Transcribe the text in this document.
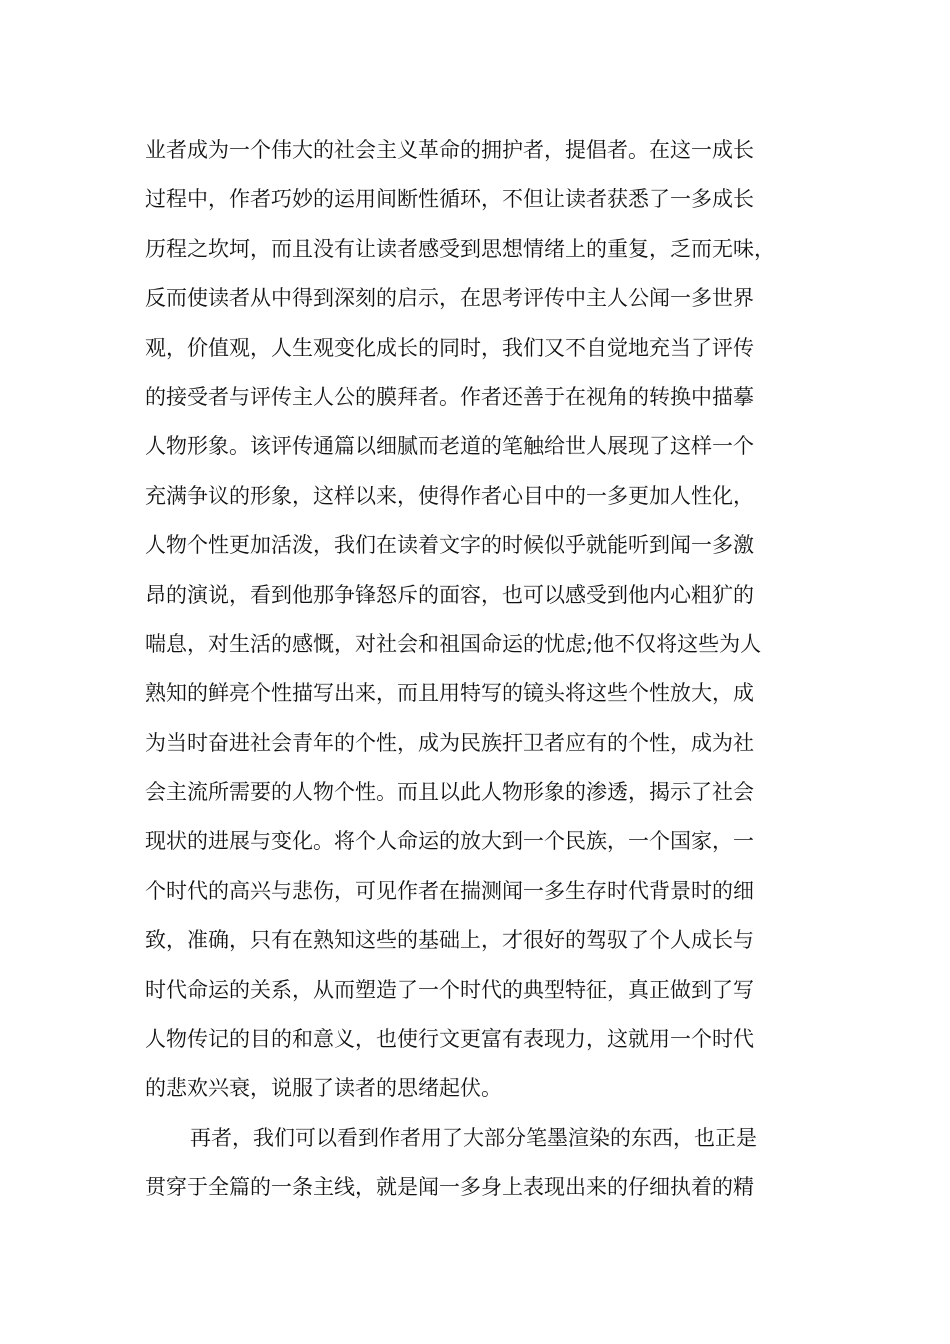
业者成为一个伟大的社会主义革命的拥护者，提倡者。在这一成长
过程中，作者巧妙的运用间断性循环，不但让读者获悉了一多成长
历程之坎坷，而且没有让读者感受到思想情绪上的重复，乏而无味，
反而使读者从中得到深刻的启示，在思考评传中主人公闻一多世界
观，价值观，人生观变化成长的同时，我们又不自觉地充当了评传
的接受者与评传主人公的膜拜者。作者还善于在视角的转换中描摹
人物形象。该评传通篇以细腻而老道的笔触给世人展现了这样一个
充满争议的形象，这样以来，使得作者心目中的一多更加人性化，
人物个性更加活泼，我们在读着文字的时候似乎就能听到闻一多激
昂的演说，看到他那争锋怒斥的面容，也可以感受到他内心粗犷的
喘息，对生活的感慨，对社会和祖国命运的忧虑;他不仅将这些为人
熟知的鲜亮个性描写出来，而且用特写的镜头将这些个性放大，成
为当时奋进社会青年的个性，成为民族扞卫者应有的个性，成为社
会主流所需要的人物个性。而且以此人物形象的渗透，揭示了社会
现状的进展与变化。将个人命运的放大到一个民族，一个国家，一
个时代的高兴与悲伤，可见作者在揣测闻一多生存时代背景时的细
致，准确，只有在熟知这些的基础上，才很好的驾驭了个人成长与
时代命运的关系，从而塑造了一个时代的典型特征，真正做到了写
人物传记的目的和意义，也使行文更富有表现力，这就用一个时代
的悲欢兴衰，说服了读者的思绪起伏。
再者，我们可以看到作者用了大部分笔墨渲染的东西，也正是
贯穿于全篇的一条主线，就是闻一多身上表现出来的仔细执着的精
